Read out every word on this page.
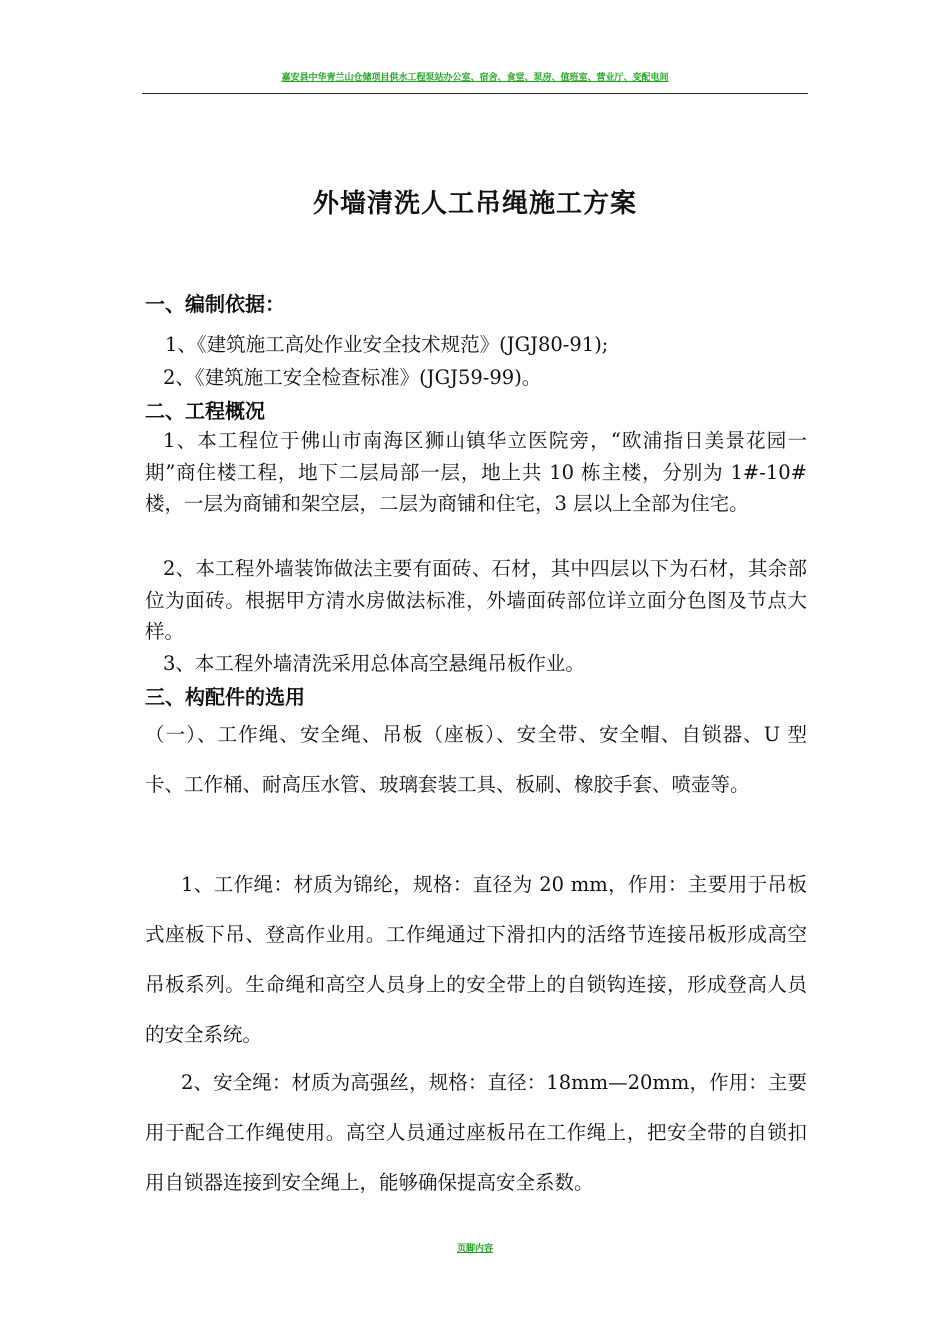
嘉安县中华青兰山仓储项目供水工程泵站办公室、宿舍、食堂、泵房、值班室、营业厅、变配电间
外墙清洗人工吊绳施工方案
一、编制依据：
1、《建筑施工高处作业安全技术规范》(JGJ80-91);
2、《建筑施工安全检查标准》(JGJ59-99)。
二、工程概况
1、本工程位于佛山市南海区狮山镇华立医院旁，“欧浦指日美景花园一期”商住楼工程，地下二层局部一层，地上共 10 栋主楼，分别为 1#-10#楼，一层为商铺和架空层，二层为商铺和住宅，3 层以上全部为住宅。
2、本工程外墙装饰做法主要有面砖、石材，其中四层以下为石材，其余部位为面砖。根据甲方清水房做法标准，外墙面砖部位详立面分色图及节点大样。
3、本工程外墙清洗采用总体高空悬绳吊板作业。
三、构配件的选用
（一）、工作绳、安全绳、吊板（座板）、安全带、安全帽、自锁器、U 型卡、工作桶、耐高压水管、玻璃套装工具、板刷、橡胶手套、喷壶等。
1、工作绳：材质为锦纶，规格：直径为 20 mm，作用：主要用于吊板式座板下吊、登高作业用。工作绳通过下滑扣内的活络节连接吊板形成高空吊板系列。生命绳和高空人员身上的安全带上的自锁钩连接，形成登高人员的安全系统。
2、安全绳：材质为高强丝，规格：直径：18mm—20mm，作用：主要用于配合工作绳使用。高空人员通过座板吊在工作绳上，把安全带的自锁扣用自锁器连接到安全绳上，能够确保提高安全系数。
页脚内容
